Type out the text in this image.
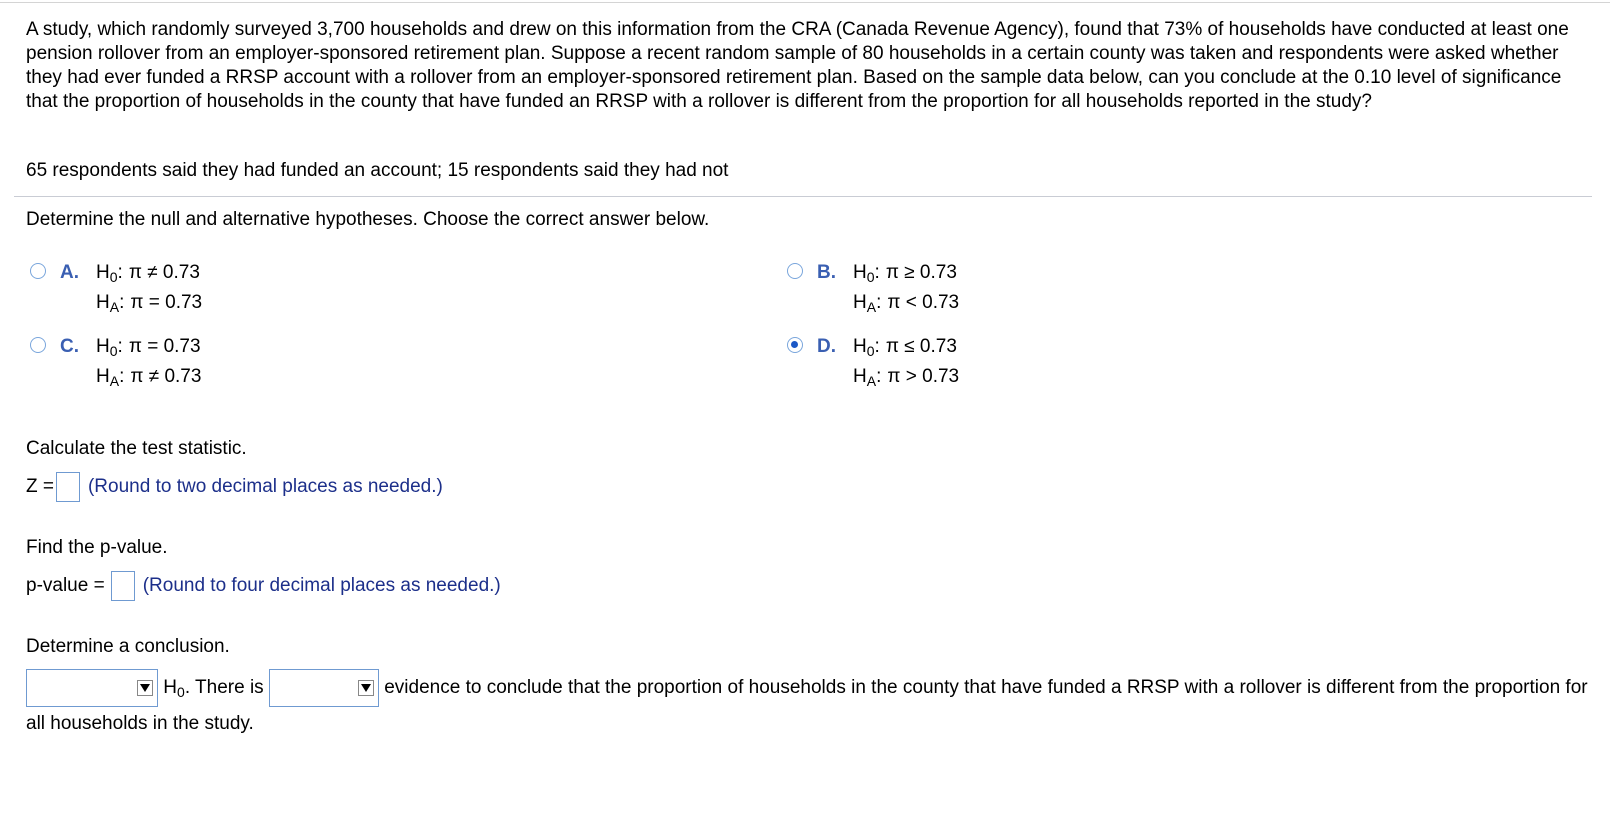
A study, which randomly surveyed 3,700 households and drew on this information from the CRA (Canada Revenue Agency), found that 73% of households have conducted at least one pension rollover from an employer-sponsored retirement plan. Suppose a recent random sample of 80 households in a certain county was taken and respondents were asked whether they had ever funded a RRSP account with a rollover from an employer-sponsored retirement plan. Based on the sample data below, can you conclude at the 0.10 level of significance that the proportion of households in the county that have funded an RRSP with a rollover is different from the proportion for all households reported in the study?
65 respondents said they had funded an account; 15 respondents said they had not
Determine the null and alternative hypotheses. Choose the correct answer below.
A. $H_0$: π ≠ 0.73
$H_A$: π = 0.73
B. $H_0$: π ≥ 0.73
$H_A$: π < 0.73
C. $H_0$: π = 0.73
$H_A$: π ≠ 0.73
D. $H_0$: π ≤ 0.73
$H_A$: π > 0.73
Calculate the test statistic.
Z = (Round to two decimal places as needed.)
Find the p-value.
p-value = (Round to four decimal places as needed.)
Determine a conclusion.
$H_0$. There is	evidence to conclude that the proportion of households in the county that have funded a RRSP with a rollover is different from the proportion for all households in the study.
